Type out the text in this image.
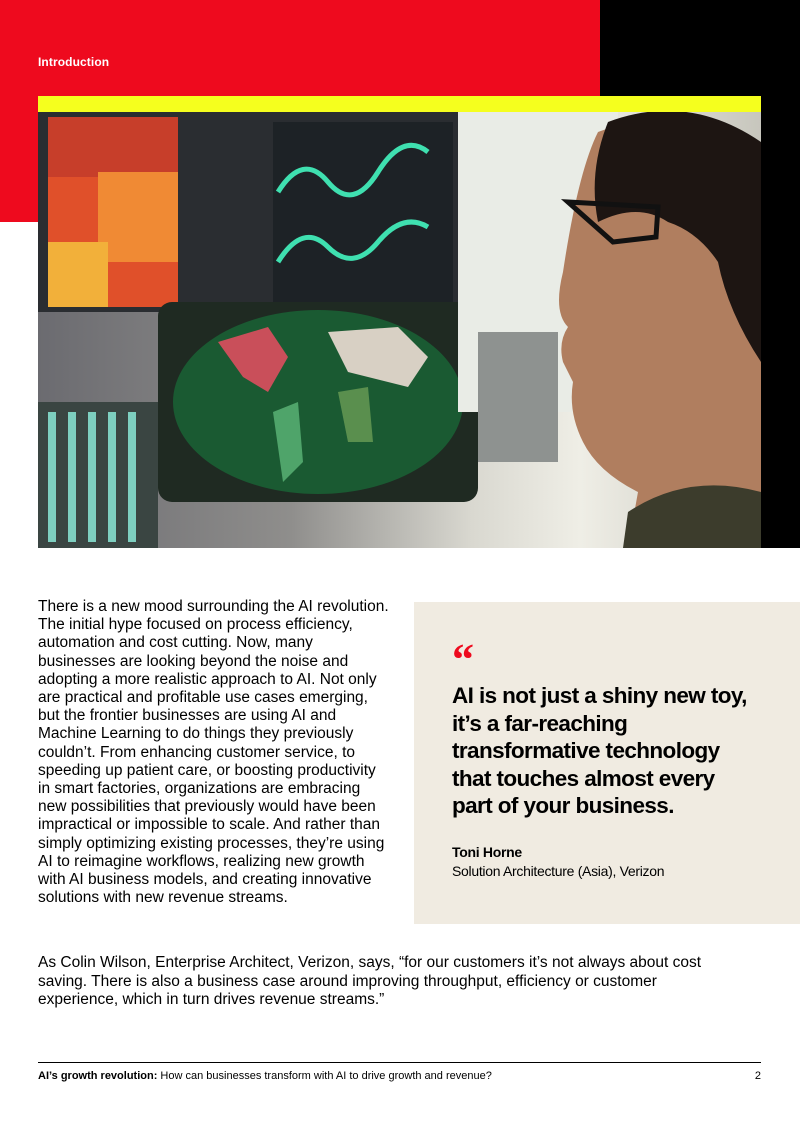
Introduction
There is a new mood surrounding the AI revolution. The initial hype focused on process efficiency, automation and cost cutting. Now, many businesses are looking beyond the noise and adopting a more realistic approach to AI. Not only are practical and profitable use cases emerging, but the frontier businesses are using AI and Machine Learning to do things they previously couldn’t. From enhancing customer service, to speeding up patient care, or boosting productivity in smart factories, organizations are embracing new possibilities that previously would have been impractical or impossible to scale. And rather than simply optimizing existing processes, they’re using AI to reimagine workflows, realizing new growth with AI business models, and creating innovative solutions with new revenue streams.
“
AI is not just a shiny new toy, it’s a far-reaching transformative technology that touches almost every part of your business.
Toni Horne
Solution Architecture (Asia), Verizon
As Colin Wilson, Enterprise Architect, Verizon, says, “for our customers it’s not always about cost saving. There is also a business case around improving throughput, efficiency or customer experience, which in turn drives revenue streams.”
AI’s growth revolution: How can businesses transform with AI to drive growth and revenue?	2
